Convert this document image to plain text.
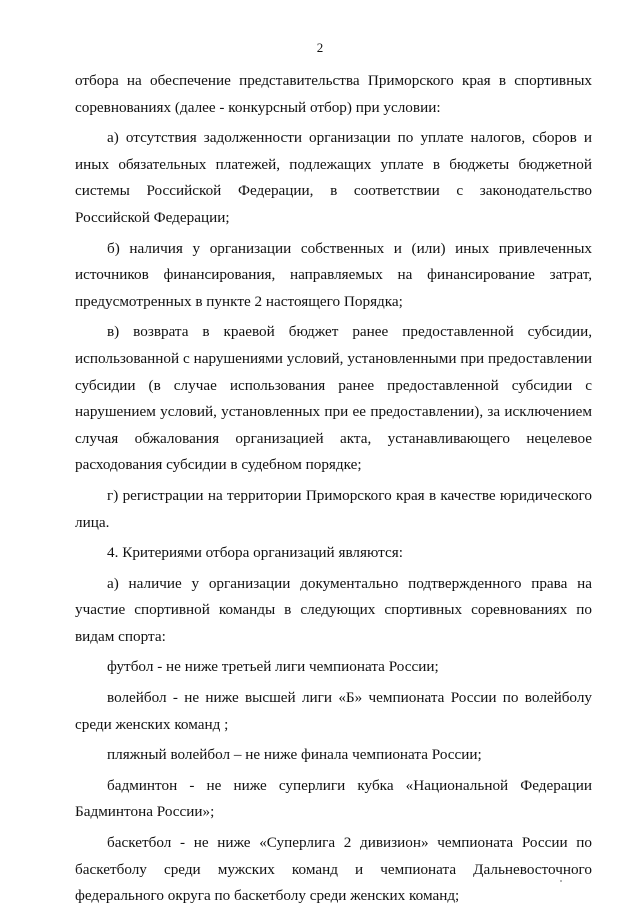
2

отбора на обеспечение представительства Приморского края в спортивных соревнованиях (далее - конкурсный отбор) при условии:

а) отсутствия задолженности организации по уплате налогов, сборов и иных обязательных платежей, подлежащих уплате в бюджеты бюджетной системы Российской Федерации, в соответствии с законодательство Российской Федерации;

б) наличия у организации собственных и (или) иных привлеченных источников финансирования, направляемых на финансирование затрат, предусмотренных в пункте 2 настоящего Порядка;

в) возврата в краевой бюджет ранее предоставленной субсидии, использованной с нарушениями условий, установленными при предоставлении субсидии (в случае использования ранее предоставленной субсидии с нарушением условий, установленных при ее предоставлении), за исключением случая обжалования организацией акта, устанавливающего нецелевое расходования субсидии в судебном порядке;

г) регистрации на территории Приморского края в качестве юридического лица.

4. Критериями отбора организаций являются:

а) наличие у организации документально подтвержденного права на участие спортивной команды в следующих спортивных соревнованиях по видам спорта:

футбол - не ниже третьей лиги чемпионата России;

волейбол - не ниже высшей лиги «Б» чемпионата России по волейболу среди женских команд ;

пляжный волейбол – не ниже финала чемпионата России;

бадминтон - не ниже суперлиги кубка «Национальной Федерации Бадминтона России»;

баскетбол - не ниже «Суперлига 2 дивизион» чемпионата России по баскетболу среди мужских команд и чемпионата Дальневосточного федерального округа по баскетболу среди женских команд;
